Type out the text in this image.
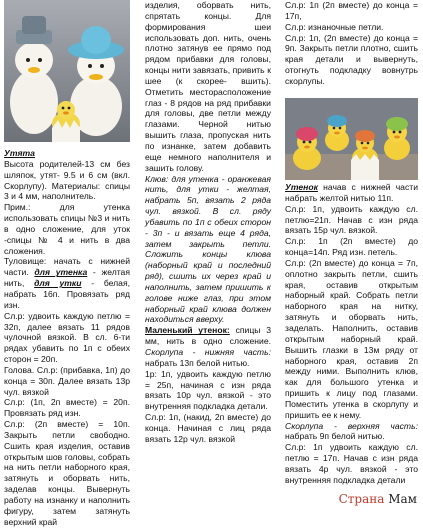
Утята

Высота родителей-13 см без шляпок, утят- 9.5 и 6 см (вкл. Скорлупу). Материалы: спицы 3 и 4 мм, наполнитель.

Прим.: для утенка использовать спицы №3 и нить в одно сложение, для уток -спицы № 4 и нить в два сложения.

Туловище: начать с нижней части. для утенка - желтая нить, для утки - белая, набрать 16п. Провязать ряд изн.

Сл.р: удвоить каждую петлю = 32п, далее вязать 11 рядов чулочной вязкой. В сл. 6-ти рядах убавить по 1п с обеих сторон = 20п.

Голова. Сл.р: (прибавка, 1п) до конца = 30п. Далее вязать 13р чул. вязкой

Сл.р: (1п, 2п вместе) = 20п. Провязать ряд изн.

Сл.р: (2п вместе) = 10п. Закрыть петли свободно. Сшить края изделия, оставив открытым шов головы, собрать на нить петли наборного края, затянуть и оборвать нить, заделав концы. Вывернуть работу на изнанку и наполнить фигуру, затем затянуть верхний край

изделия, оборвать нить, спрятать концы. Для формирования шеи использовать доп. нить, очень плотно затянув ее прямо под рядом прибавки для головы, концы нити завязать, привить к шее (к скорее- вшить). Отметить месторасположение глаз - 8 рядов на ряд прибавки для головы, две петли между глазами. Черной нитью вышить глаза, пропуская нить по изнанке, затем добавить еще немного наполнителя и зашить голову.

Клюв: для утенка - оранжевая нить, для утки - желтая, набрать 5п, вязать 2 ряда чул. вязкой. В сл. ряду убавить по 1п с обеих сторон - 3п - и вязать еще 4 ряда, затем закрыть петли. Сложить концы клюва (наборный край и последний ряд), сшить их через край и наполнить, затем пришить к голове ниже глаз, при этом наборный край клюва должен находиться вверху.

Маленький утенок: спицы 3 мм, нить в одно сложение. Скорлупа - нижняя часть: набрать 13п белой нитью.

1р: 1п, удвоить каждую петлю = 25п, начиная с изн ряда вязать 10р чул. вязкой - это внутренняя подкладка детали.

Сл.р: 1п, (накид, 2п вместе) до конца. Начиная с лиц ряда вязать 12р чул. вязкой

Сл.р: 1п (2п вместе) до конца = 17п,

Сл.р: изнаночные петли.

Сл.р: 1п, (2п вместе) до конца = 9п. Закрыть петли плотно, сшить края детали и вывернуть, отогнуть подкладку вовнутрь скорлупы.

Утенок начав с нижней части набрать желтой нитью 11п.

Сл.р: 1п, удвоить каждую сл. петлю=21п. Начав с изн ряда вязать 15р чул. вязкой.

Сл.р: 1п (2п вместе) до конца=14п. Ряд изн. петель.

Сл.р: (2п вместе) до конца = 7п, оплотно закрыть петли, сшить края, оставив открытым наборный край. Собрать петли наборного края на нитку, затянуть и оборвать нить, заделать. Наполнить, оставив открытым наборный край. Вышить глазки в 13м ряду от наборного края, оставив 2п между ними. Выполнить клюв, как для большого утенка и пришить к лицу под глазами. Поместить утенка в скорлупу и пришить ее к нему.

Скорлупа - верхняя часть: набрать 9п белой нитью.

Сл.р: 1п удвоить каждую сл. петлю = 17п. Начав с изн ряда вязать 4р чул. вязкой - это внутренняя подкладка детали

Страна Мам
